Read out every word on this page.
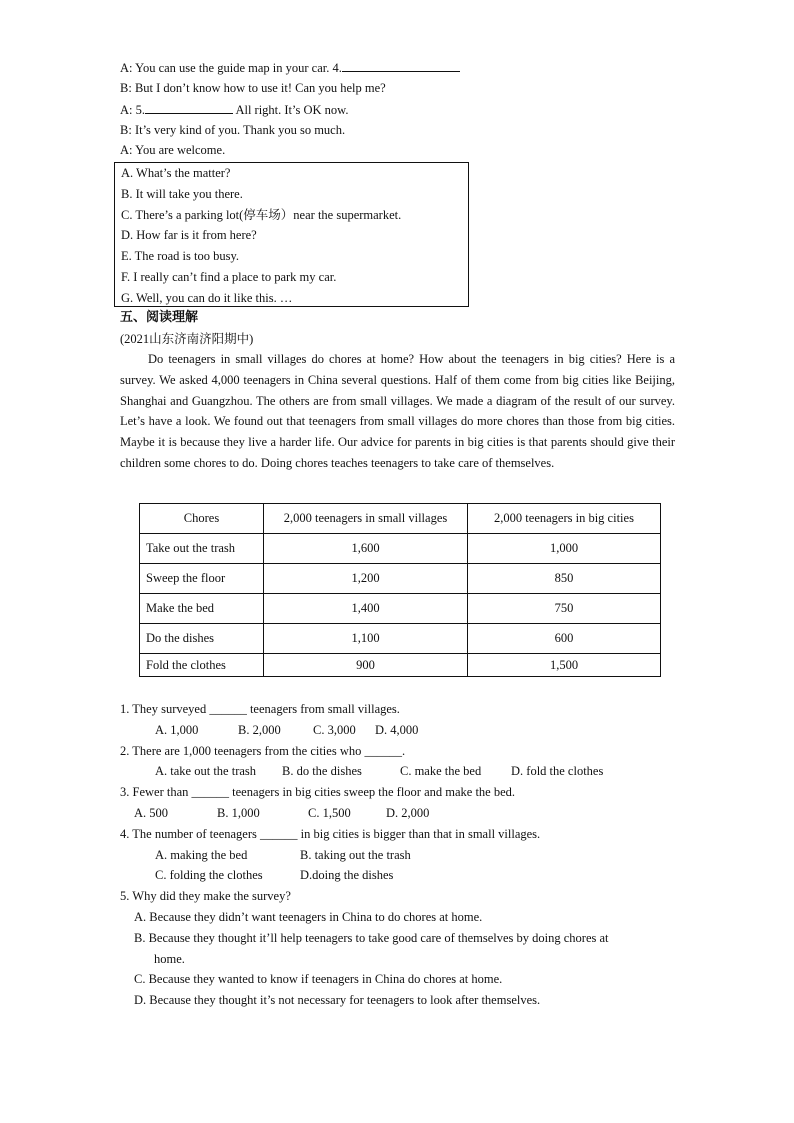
A: You can use the guide map in your car. 4.
B: But I don’t know how to use it! Can you help me?
A: 5.	All right. It’s OK now.
B: It’s very kind of you. Thank you so much.
A: You are welcome.
A. What’s the matter?
B. It will take you there.
C. There’s a parking lot(停车场）near the supermarket.
D. How far is it from here?
E. The road is too busy.
F. I really can’t find a place to park my car.
G. Well, you can do it like this. …
五、阅读理解
(2021山东济南济阳期中)

Do teenagers in small villages do chores at home? How about the teenagers in big cities? Here is a survey. We asked 4,000 teenagers in China several questions. Half of them come from big cities like Beijing, Shanghai and Guangzhou. The others are from small villages. We made a diagram of the result of our survey. Let’s have a look. We found out that teenagers from small villages do more chores than those from big cities. Maybe it is because they live a harder life. Our advice for parents in big cities is that parents should give their children some chores to do. Doing chores teaches teenagers to take care of themselves.

Chores	2,000 teenagers in small villages	2,000 teenagers in big cities
Take out the trash	1,600	1,000
Sweep the floor	1,200	850
Make the bed	1,400	750
Do the dishes	1,100	600
Fold the clothes	900	1,500
1. They surveyed ______ teenagers from small villages.
A. 1,000	B. 2,000	C. 3,000 D. 4,000
2. There are 1,000 teenagers from the cities who ______.
A. take out the trash B. do the dishes	C. make the bed D. fold the clothes
3. Fewer than ______ teenagers in big cities sweep the floor and make the bed.
A. 500	B. 1,000	C. 1,500	D. 2,000
4. The number of teenagers ______ in big cities is bigger than that in small villages.
A. making the bed	B. taking out the trash
C. folding the clothes	D.doing the dishes
5. Why did they make the survey?
A. Because they didn’t want teenagers in China to do chores at home.
B. Because they thought it’ll help teenagers to take good care of themselves by doing chores at
home.
C. Because they wanted to know if teenagers in China do chores at home.
D. Because they thought it’s not necessary for teenagers to look after themselves.
